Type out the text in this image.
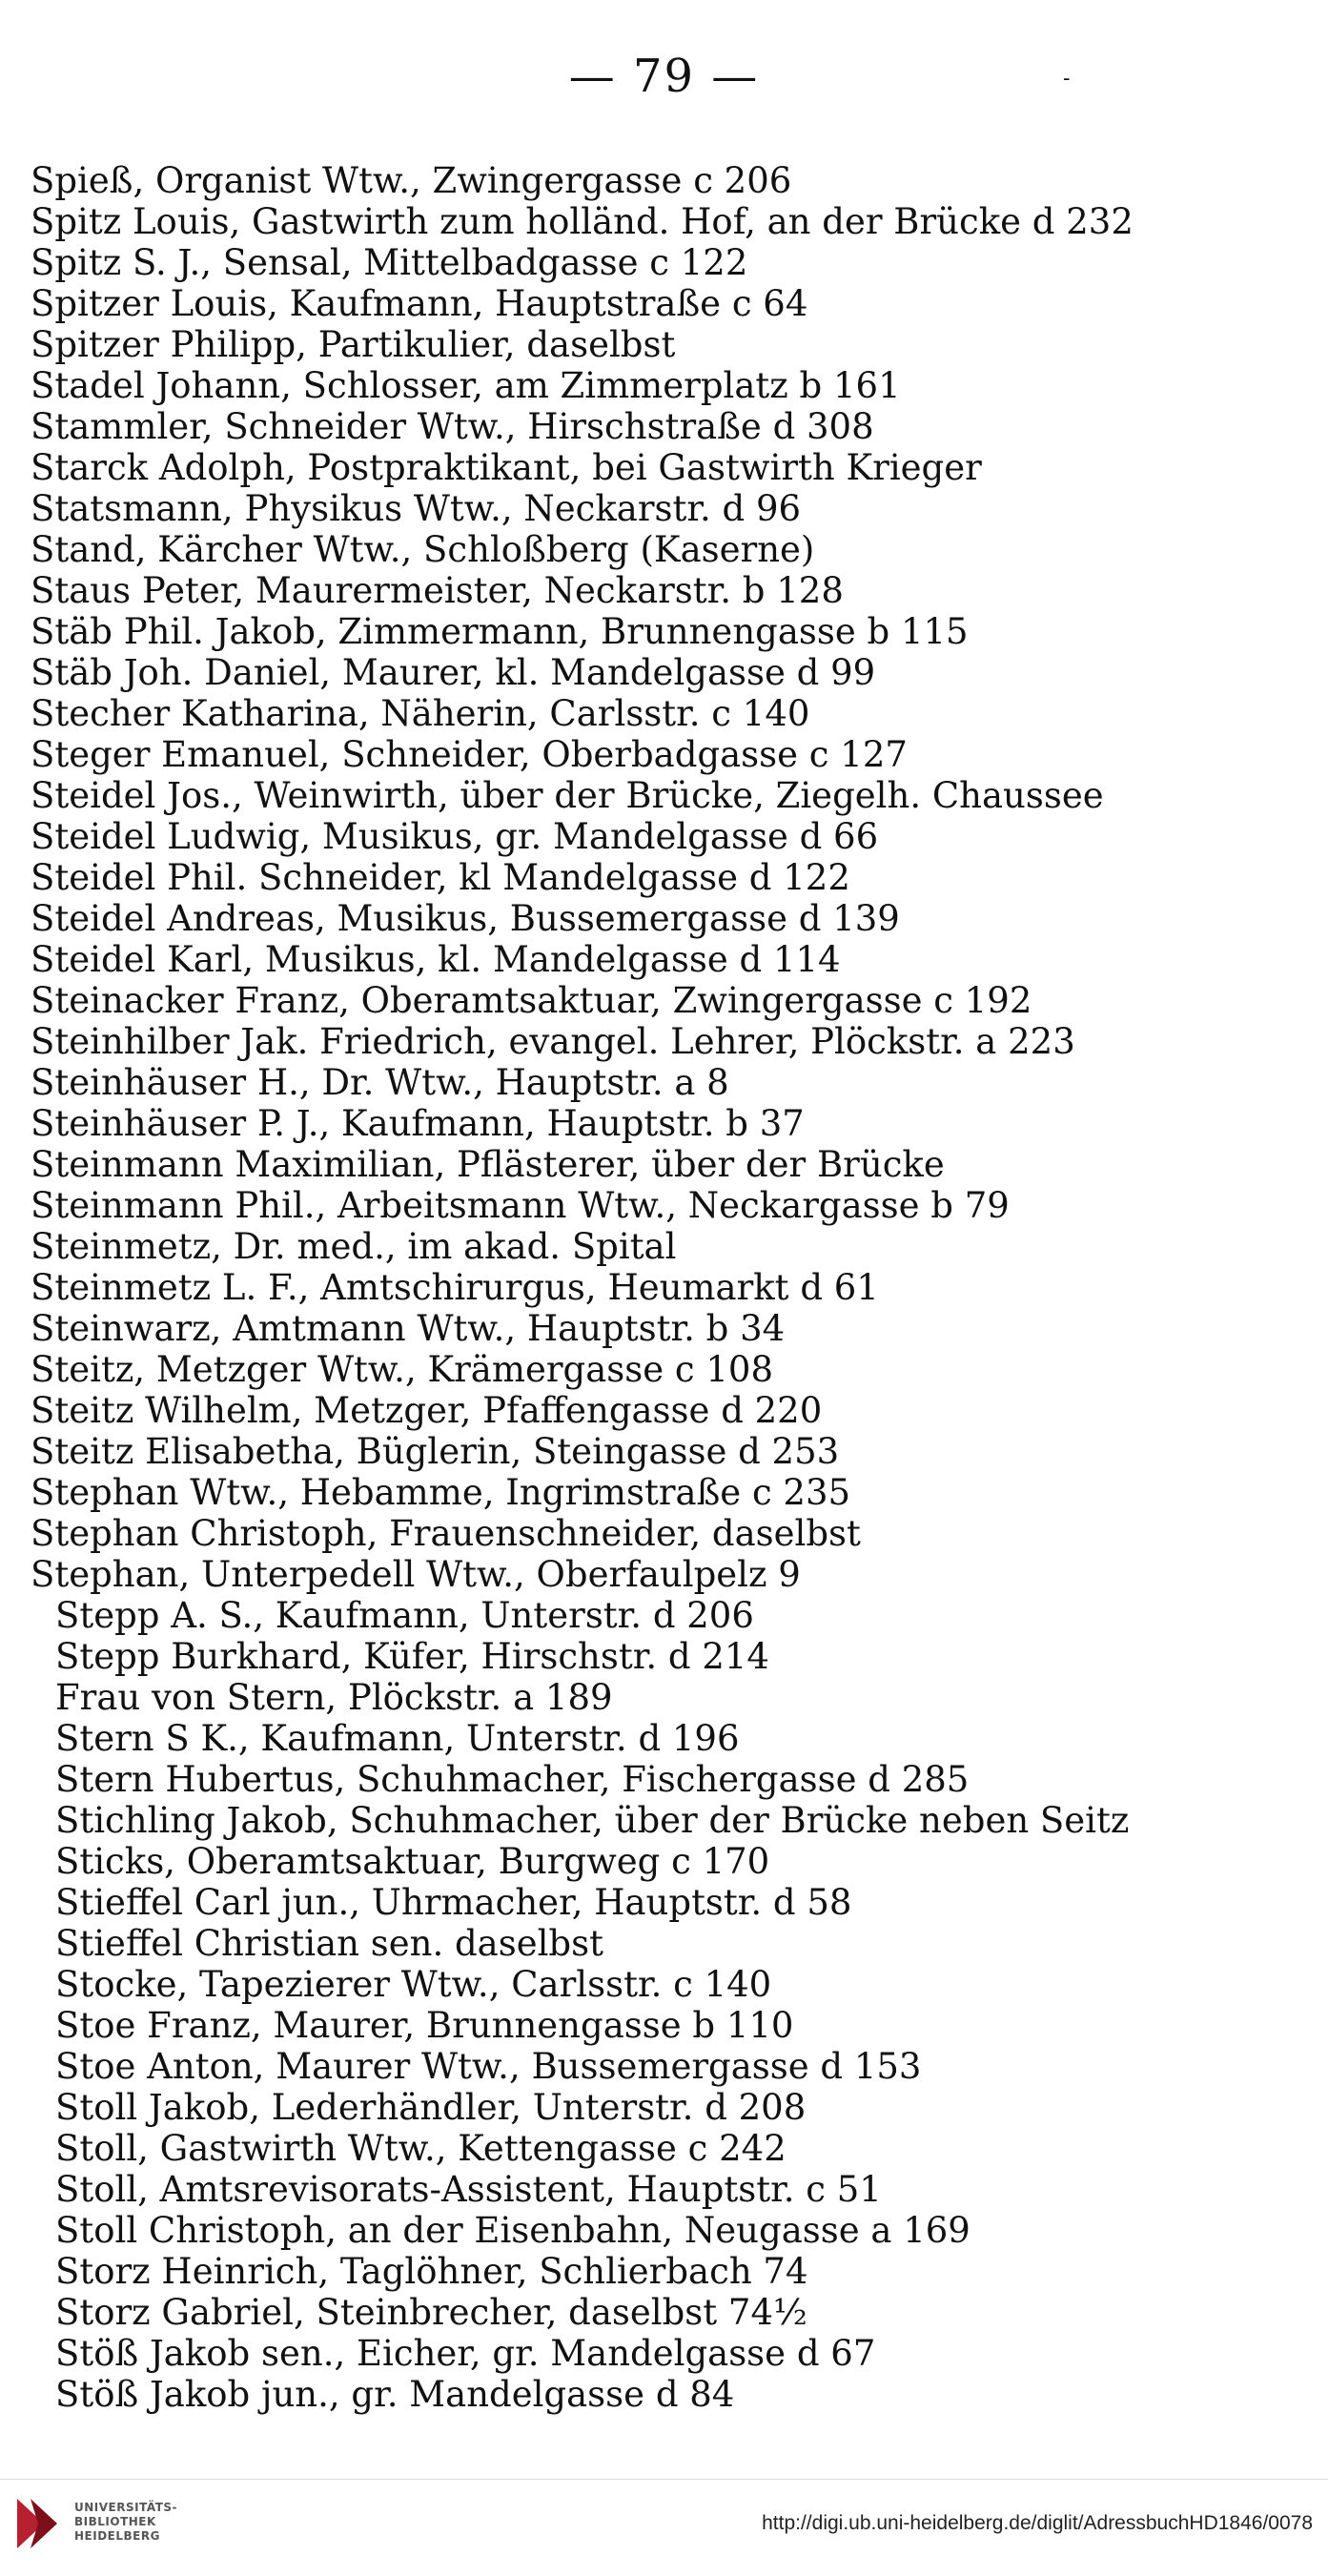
— 79 —	-
Spieß, Organist Wtw., Zwingergasse c 206
Spitz Louis, Gastwirth zum holländ. Hof, an der Brücke d 232
Spitz S. J., Sensal, Mittelbadgasse c 122
Spitzer Louis, Kaufmann, Hauptstraße c 64
Spitzer Philipp, Partikulier, daselbst
Stadel Johann, Schlosser, am Zimmerplatz b 161
Stammler, Schneider Wtw., Hirschstraße d 308
Starck Adolph, Postpraktikant, bei Gastwirth Krieger
Statsmann, Physikus Wtw., Neckarstr. d 96
Stand, Kärcher Wtw., Schloßberg (Kaserne)
Staus Peter, Maurermeister, Neckarstr. b 128
Stäb Phil. Jakob, Zimmermann, Brunnengasse b 115
Stäb Joh. Daniel, Maurer, kl. Mandelgasse d 99
Stecher Katharina, Näherin, Carlsstr. c 140
Steger Emanuel, Schneider, Oberbadgasse c 127
Steidel Jos., Weinwirth, über der Brücke, Ziegelh. Chaussee
Steidel Ludwig, Musikus, gr. Mandelgasse d 66
Steidel Phil. Schneider, kl Mandelgasse d 122
Steidel Andreas, Musikus, Bussemergasse d 139
Steidel Karl, Musikus, kl. Mandelgasse d 114
Steinacker Franz, Oberamtsaktuar, Zwingergasse c 192
Steinhilber Jak. Friedrich, evangel. Lehrer, Plöckstr. a 223
Steinhäuser H., Dr. Wtw., Hauptstr. a 8
Steinhäuser P. J., Kaufmann, Hauptstr. b 37
Steinmann Maximilian, Pflästerer, über der Brücke
Steinmann Phil., Arbeitsmann Wtw., Neckargasse b 79
Steinmetz, Dr. med., im akad. Spital
Steinmetz L. F., Amtschirurgus, Heumarkt d 61
Steinwarz, Amtmann Wtw., Hauptstr. b 34
Steitz, Metzger Wtw., Krämergasse c 108
Steitz Wilhelm, Metzger, Pfaffengasse d 220
Steitz Elisabetha, Büglerin, Steingasse d 253
Stephan Wtw., Hebamme, Ingrimstraße c 235
Stephan Christoph, Frauenschneider, daselbst
Stephan, Unterpedell Wtw., Oberfaulpelz 9
Stepp A. S., Kaufmann, Unterstr. d 206
Stepp Burkhard, Küfer, Hirschstr. d 214
Frau von Stern, Plöckstr. a 189
Stern S K., Kaufmann, Unterstr. d 196
Stern Hubertus, Schuhmacher, Fischergasse d 285
Stichling Jakob, Schuhmacher, über der Brücke neben Seitz
Sticks, Oberamtsaktuar, Burgweg c 170
Stieffel Carl jun., Uhrmacher, Hauptstr. d 58
Stieffel Christian sen. daselbst
Stocke, Tapezierer Wtw., Carlsstr. c 140
Stoe Franz, Maurer, Brunnengasse b 110
Stoe Anton, Maurer Wtw., Bussemergasse d 153
Stoll Jakob, Lederhändler, Unterstr. d 208
Stoll, Gastwirth Wtw., Kettengasse c 242
Stoll, Amtsrevisorats-Assistent, Hauptstr. c 51
Stoll Christoph, an der Eisenbahn, Neugasse a 169
Storz Heinrich, Taglöhner, Schlierbach 74
Storz Gabriel, Steinbrecher, daselbst 74½
Stöß Jakob sen., Eicher, gr. Mandelgasse d 67
Stöß Jakob jun., gr. Mandelgasse d 84
UNIVERSITÄTS-
BIBLIOTHEK
HEIDELBERG
http://digi.ub.uni-heidelberg.de/diglit/AdressbuchHD1846/0078
